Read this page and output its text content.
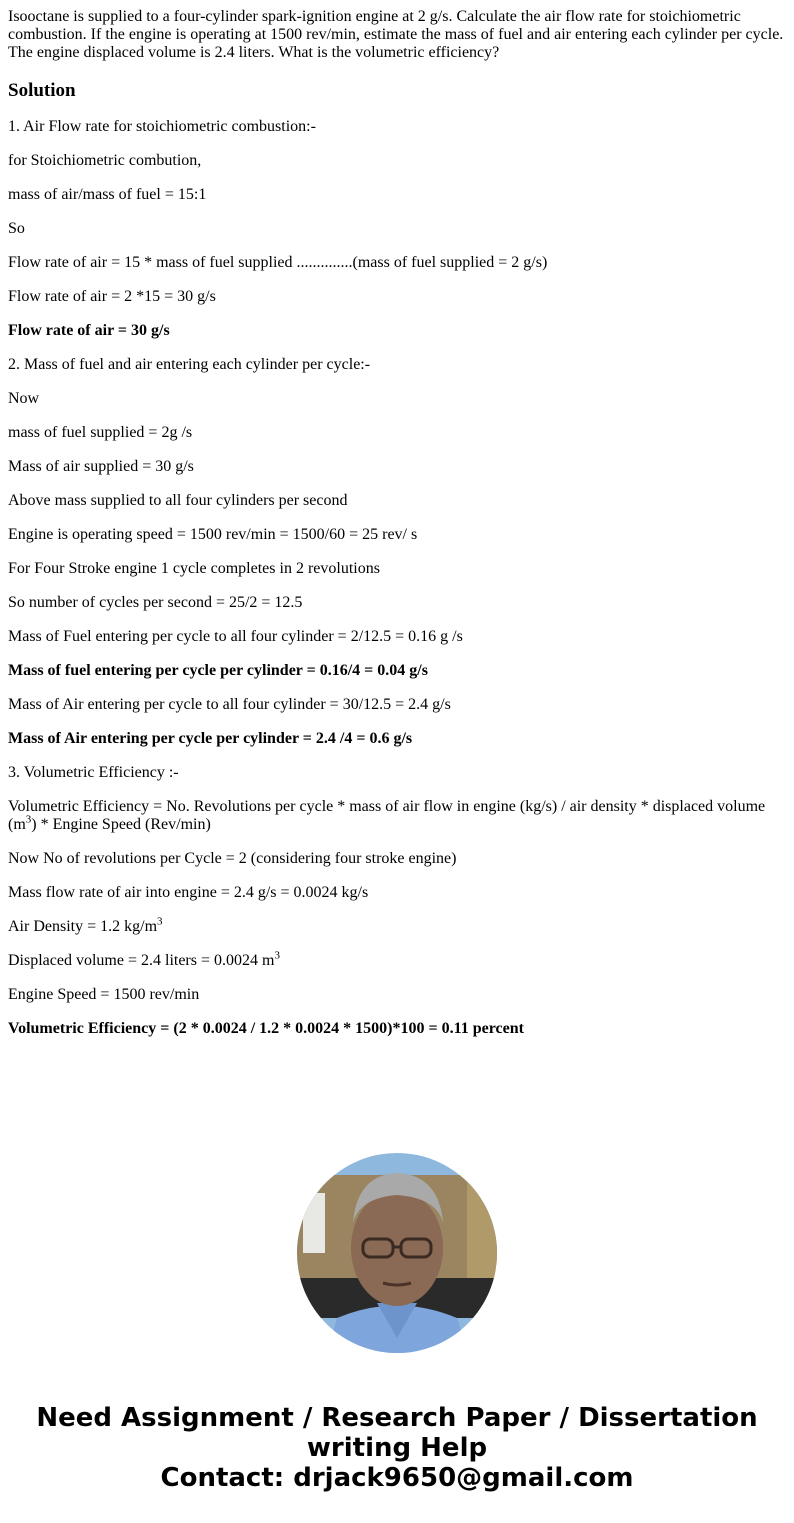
Isooctane is supplied to a four-cylinder spark-ignition engine at 2 g/s. Calculate the air flow rate for stoichiometric combustion. If the engine is operating at 1500 rev/min, estimate the mass of fuel and air entering each cylinder per cycle. The engine displaced volume is 2.4 liters. What is the volumetric efficiency?

Solution

1. Air Flow rate for stoichiometric combustion:-

for Stoichiometric combution,

mass of air/mass of fuel = 15:1

So

Flow rate of air = 15 * mass of fuel supplied ..............(mass of fuel supplied = 2 g/s)

Flow rate of air = 2 *15 = 30 g/s

Flow rate of air = 30 g/s

2. Mass of fuel and air entering each cylinder per cycle:-

Now

mass of fuel supplied = 2g /s

Mass of air supplied = 30 g/s

Above mass supplied to all four cylinders per second

Engine is operating speed = 1500 rev/min = 1500/60 = 25 rev/ s

For Four Stroke engine 1 cycle completes in 2 revolutions

So number of cycles per second = 25/2 = 12.5

Mass of Fuel entering per cycle to all four cylinder = 2/12.5 = 0.16 g /s

Mass of fuel entering per cycle per cylinder = 0.16/4 = 0.04 g/s

Mass of Air entering per cycle to all four cylinder = 30/12.5 = 2.4 g/s

Mass of Air entering per cycle per cylinder = 2.4 /4 = 0.6 g/s

3. Volumetric Efficiency :-

Volumetric Efficiency = No. Revolutions per cycle * mass of air flow in engine (kg/s) / air density * displaced volume $(m^3)$ * Engine Speed (Rev/min)

Now No of revolutions per Cycle = 2 (considering four stroke engine)

Mass flow rate of air into engine = 2.4 g/s = 0.0024 kg/s

Air Density = 1.2 $kg/m^3$

Displaced volume = 2.4 liters = 0.0024 $m^3$

Engine Speed = 1500 rev/min

Volumetric Efficiency = (2 * 0.0024 / 1.2 * 0.0024 * 1500)*100 = 0.11 percent

Need Assignment / Research Paper / Dissertation
writing Help
Contact: drjack9650@gmail.com
